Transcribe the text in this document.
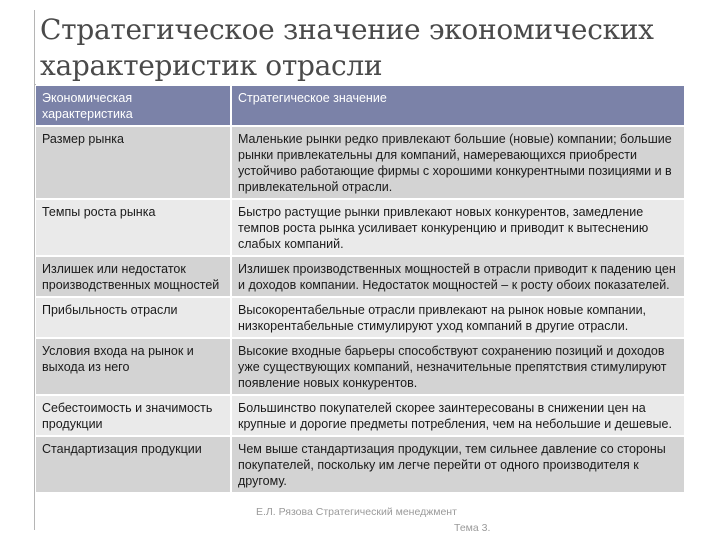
Стратегическое значение экономических характеристик отрасли
Экономическая характеристика	Стратегическое значение
Размер рынка	Маленькие рынки редко привлекают большие (новые) компании; большие рынки привлекательны для компаний, намеревающихся приобрести устойчиво работающие фирмы с хорошими конкурентными позициями и в привлекательной отрасли.
Темпы роста рынка	Быстро растущие рынки привлекают новых конкурентов, замедление темпов роста рынка усиливает конкуренцию и приводит к вытеснению слабых компаний.
Излишек или недостаток производственных мощностей	Излишек производственных мощностей в отрасли приводит к падению цен и доходов компании. Недостаток мощностей – к росту обоих показателей.
Прибыльность отрасли	Высокорентабельные отрасли привлекают на рынок новые компании, низкорентабельные стимулируют уход компаний в другие отрасли.
Условия входа на рынок и выхода из него	Высокие входные барьеры способствуют сохранению позиций и доходов уже существующих компаний, незначительные препятствия стимулируют появление новых конкурентов.
Себестоимость и значимость продукции	Большинство покупателей скорее заинтересованы в снижении цен на крупные и дорогие предметы потребления, чем на небольшие и дешевые.
Стандартизация продукции	Чем выше стандартизация продукции, тем сильнее давление со стороны покупателей, поскольку им легче перейти от одного производителя к другому.
Е.Л. Рязова Стратегический менеджмент
Тема 3.
